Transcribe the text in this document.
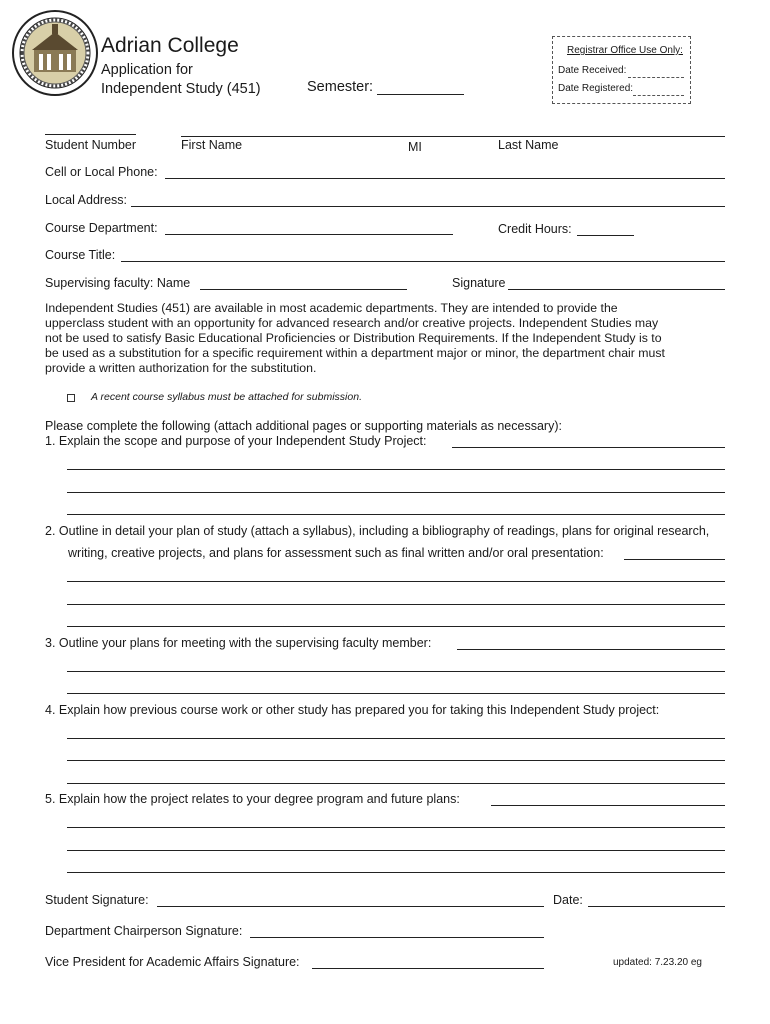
Adrian College
Application for
Independent Study (451)	Semester:
Registrar Office Use Only:
Date Received:
Date Registered:
Student Number	First Name	MI	Last Name
Cell or Local Phone:
Local Address:
Course Department:	Credit Hours:
Course Title:
Supervising faculty: Name	Signature
Independent Studies (451) are available in most academic departments. They are intended to provide the
upperclass student with an opportunity for advanced research and/or creative projects. Independent Studies may
not be used to satisfy Basic Educational Proficiencies or Distribution Requirements. If the Independent Study is to
be used as a substitution for a specific requirement within a department major or minor, the department chair must
provide a written authorization for the substitution.
A recent course syllabus must be attached for submission.
Please complete the following (attach additional pages or supporting materials as necessary):
1. Explain the scope and purpose of your Independent Study Project:
2. Outline in detail your plan of study (attach a syllabus), including a bibliography of readings, plans for original research,
writing, creative projects, and plans for assessment such as final written and/or oral presentation:
3. Outline your plans for meeting with the supervising faculty member:
4. Explain how previous course work or other study has prepared you for taking this Independent Study project:
5. Explain how the project relates to your degree program and future plans:
Student Signature:	Date:
Department Chairperson Signature:
Vice President for Academic Affairs Signature:	updated: 7.23.20 eg
